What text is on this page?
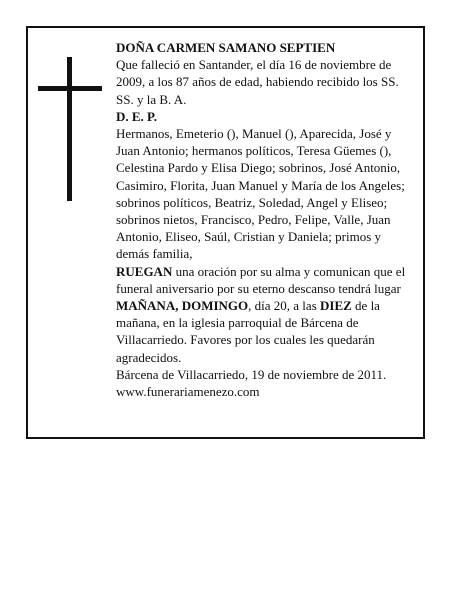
DOÑA CARMEN SAMANO SEPTIEN

Que falleció en Santander, el día 16 de noviembre de 2009, a los 87 años de edad, habiendo recibido los SS. SS. y la B. A.

D. E. P.

Hermanos, Emeterio (), Manuel (), Aparecida, José y Juan Antonio; hermanos políticos, Teresa Güemes (), Celestina Pardo y Elisa Diego; sobrinos, José Antonio, Casimiro, Florita, Juan Manuel y María de los Angeles; sobrinos políticos, Beatriz, Soledad, Angel y Eliseo; sobrinos nietos, Francisco, Pedro, Felipe, Valle, Juan Antonio, Eliseo, Saúl, Cristian y Daniela; primos y demás familia,

RUEGAN una oración por su alma y comunican que el funeral aniversario por su eterno descanso tendrá lugar MAÑANA, DOMINGO, día 20, a las DIEZ de la mañana, en la iglesia parroquial de Bárcena de Villacarriedo. Favores por los cuales les quedarán agradecidos.

Bárcena de Villacarriedo, 19 de noviembre de 2011.

www.funerariamenezo.com
